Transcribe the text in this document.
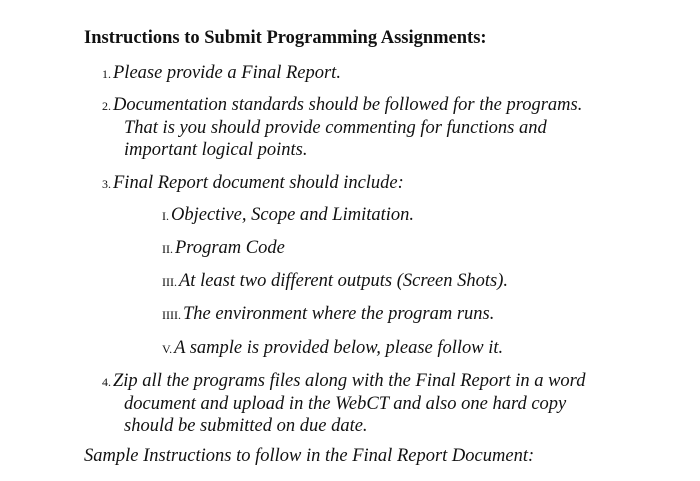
Instructions to Submit Programming Assignments:
1. Please provide a Final Report.
2. Documentation standards should be followed for the programs.
That is you should provide commenting for functions and
important logical points.
3. Final Report document should include:
I. Objective, Scope and Limitation.
II. Program Code
III. At least two different outputs (Screen Shots).
IIII. The environment where the program runs.
V. A sample is provided below, please follow it.
4. Zip all the programs files along with the Final Report in a word
document and upload in the WebCT and also one hard copy
should be submitted on due date.
Sample Instructions to follow in the Final Report Document:
